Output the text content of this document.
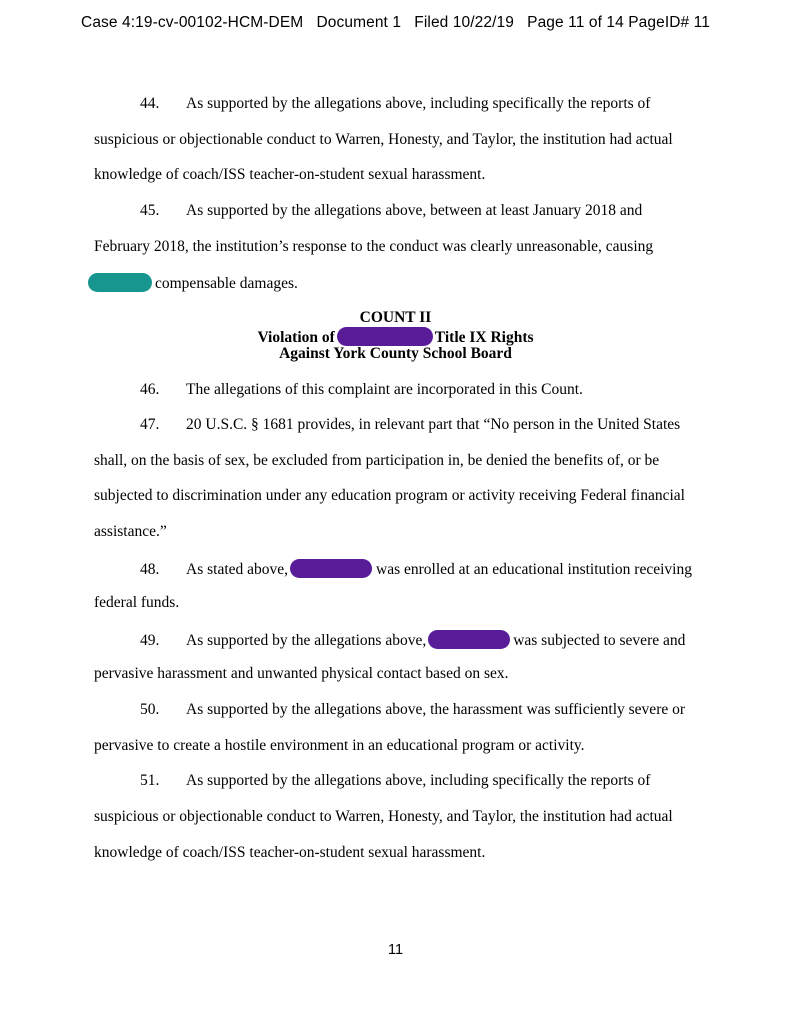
Case 4:19-cv-00102-HCM-DEM   Document 1   Filed 10/22/19   Page 11 of 14 PageID# 11
44. As supported by the allegations above, including specifically the reports of
suspicious or objectionable conduct to Warren, Honesty, and Taylor, the institution had actual
knowledge of coach/ISS teacher-on-student sexual harassment.
45. As supported by the allegations above, between at least January 2018 and
February 2018, the institution’s response to the conduct was clearly unreasonable, causing
compensable damages.
COUNT II
Violation of	Title IX Rights
Against York County School Board
46. The allegations of this complaint are incorporated in this Count.
47. 20 U.S.C. § 1681 provides, in relevant part that “No person in the United States
shall, on the basis of sex, be excluded from participation in, be denied the benefits of, or be
subjected to discrimination under any education program or activity receiving Federal financial
assistance.”
48. As stated above,	was enrolled at an educational institution receiving
federal funds.
49. As supported by the allegations above,	was subjected to severe and
pervasive harassment and unwanted physical contact based on sex.
50. As supported by the allegations above, the harassment was sufficiently severe or
pervasive to create a hostile environment in an educational program or activity.
51. As supported by the allegations above, including specifically the reports of
suspicious or objectionable conduct to Warren, Honesty, and Taylor, the institution had actual
knowledge of coach/ISS teacher-on-student sexual harassment.
11
